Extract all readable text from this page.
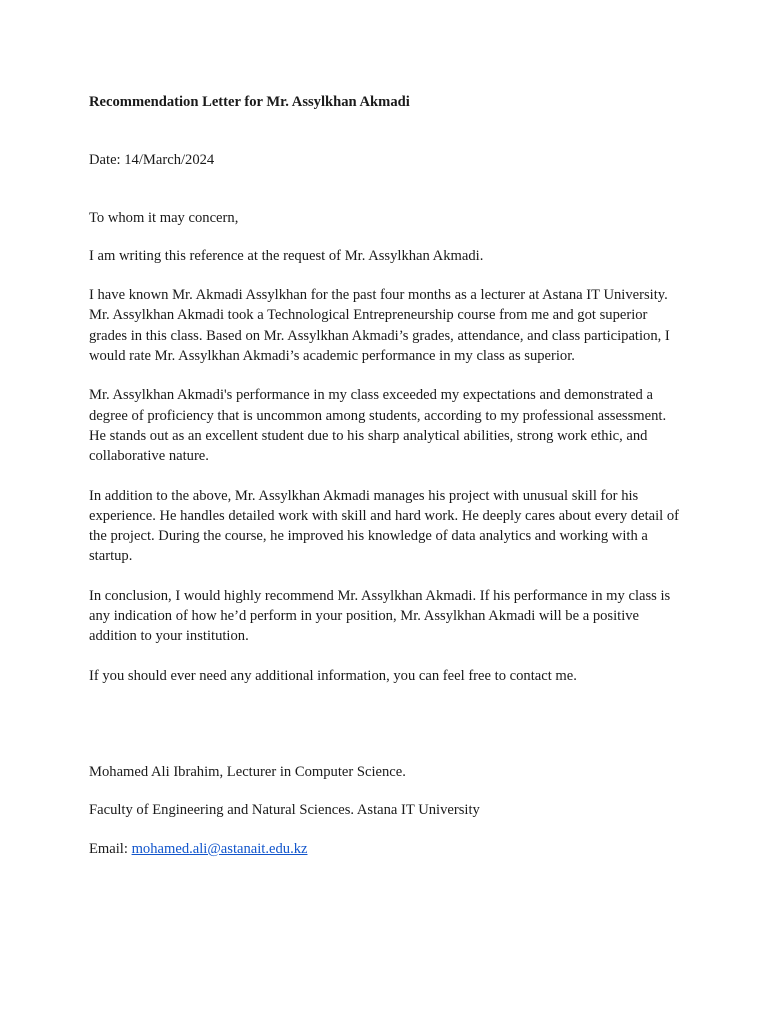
Recommendation Letter for Mr. Assylkhan Akmadi

Date: 14/March/2024

To whom it may concern,

I am writing this reference at the request of Mr. Assylkhan Akmadi.

I have known Mr. Akmadi Assylkhan for the past four months as a lecturer at Astana IT University. Mr. Assylkhan Akmadi took a Technological Entrepreneurship course from me and got superior grades in this class. Based on Mr. Assylkhan Akmadi’s grades, attendance, and class participation, I would rate Mr. Assylkhan Akmadi’s academic performance in my class as superior.

Mr. Assylkhan Akmadi's performance in my class exceeded my expectations and demonstrated a degree of proficiency that is uncommon among students, according to my professional assessment. He stands out as an excellent student due to his sharp analytical abilities, strong work ethic, and collaborative nature.

In addition to the above, Mr. Assylkhan Akmadi manages his project with unusual skill for his experience. He handles detailed work with skill and hard work. He deeply cares about every detail of the project. During the course, he improved his knowledge of data analytics and working with a startup.

In conclusion, I would highly recommend Mr. Assylkhan Akmadi. If his performance in my class is any indication of how he’d perform in your position, Mr. Assylkhan Akmadi will be a positive addition to your institution.

If you should ever need any additional information, you can feel free to contact me.

Mohamed Ali Ibrahim, Lecturer in Computer Science.

Faculty of Engineering and Natural Sciences. Astana IT University

Email: mohamed.ali@astanait.edu.kz
